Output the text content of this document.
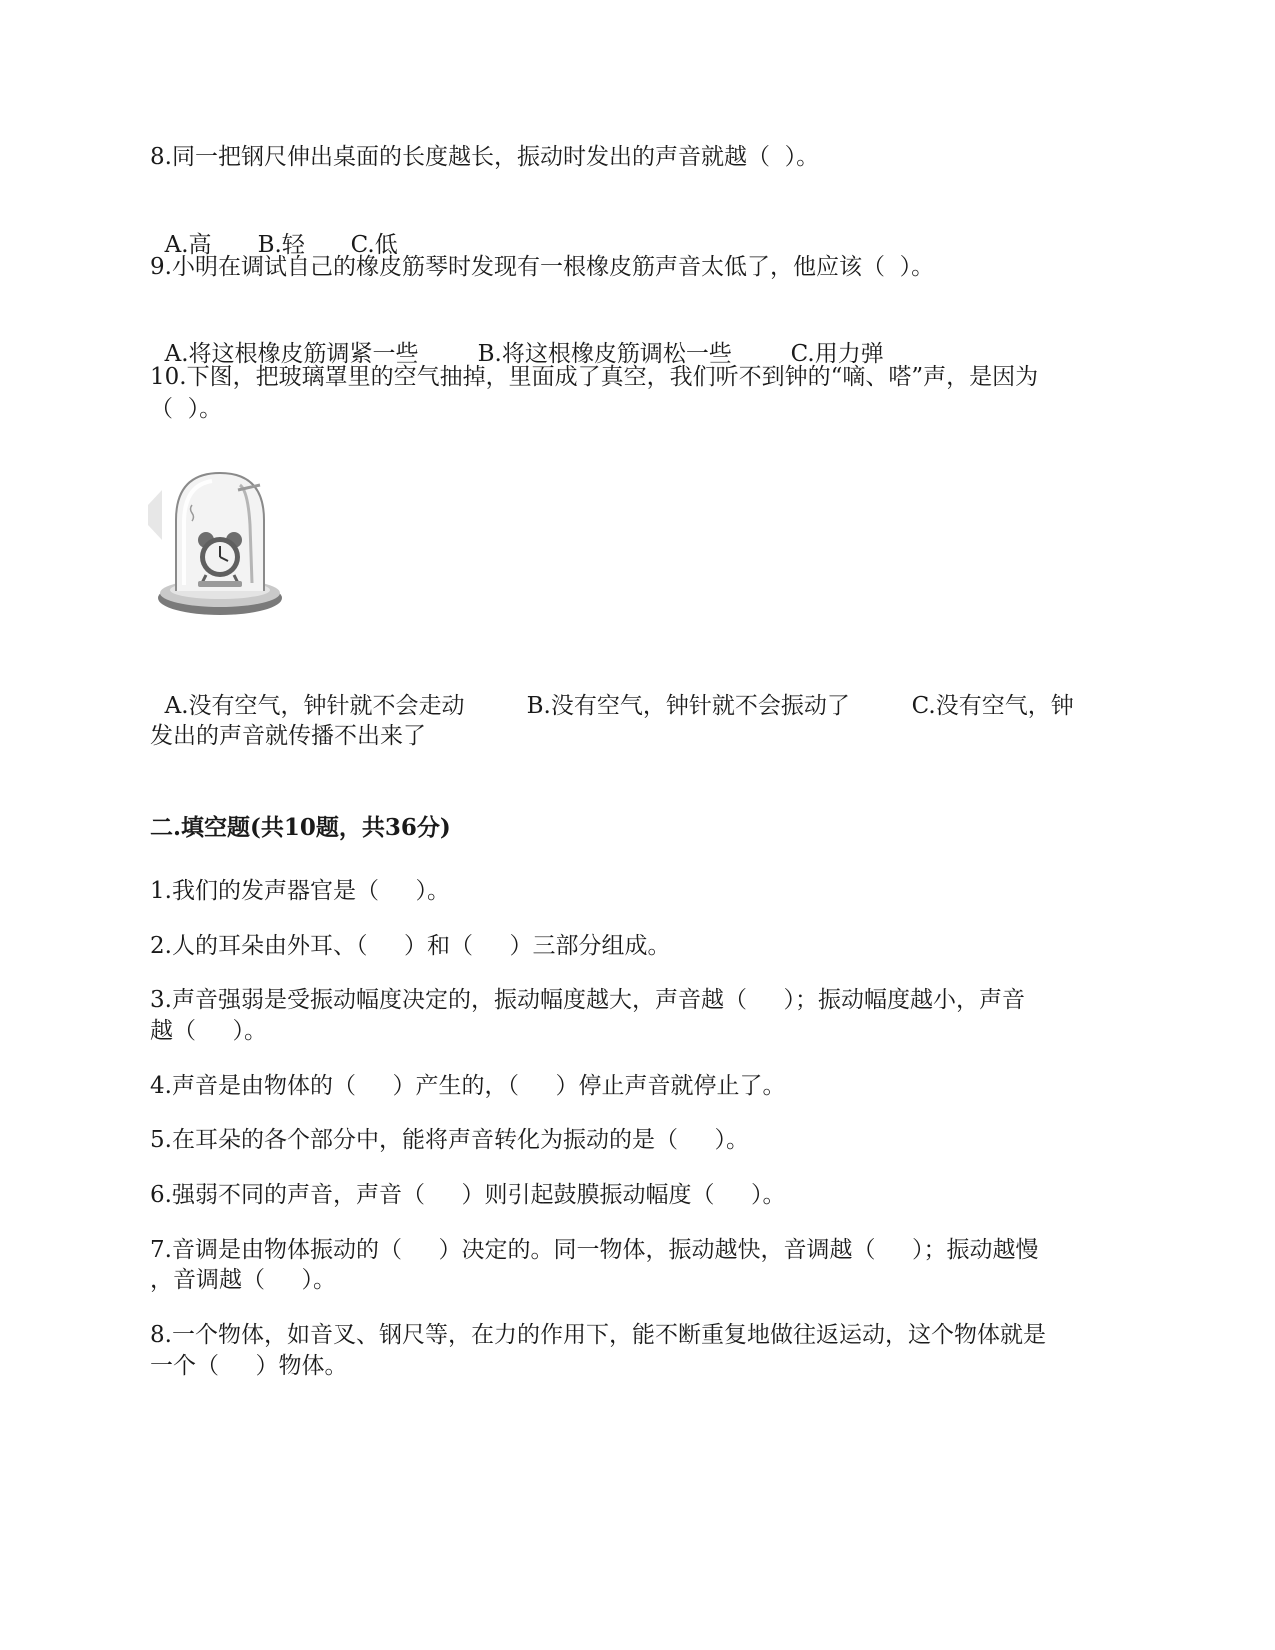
8.同一把钢尺伸出桌面的长度越长，振动时发出的声音就越（  ）。

A.高 B.轻 C.低

9.小明在调试自己的橡皮筋琴时发现有一根橡皮筋声音太低了，他应该（  ）。

A.将这根橡皮筋调紧一些	B.将这根橡皮筋调松一些	C.用力弹

10.下图，把玻璃罩里的空气抽掉，里面成了真空，我们听不到钟的“嘀、嗒”声，是因为

（  ）。

A.没有空气，钟针就不会走动	B.没有空气，钟针就不会振动了	C.没有空气，钟

发出的声音就传播不出来了

二.填空题(共10题，共36分)

1.我们的发声器官是（     ）。

2.人的耳朵由外耳、（     ）和（     ）三部分组成。

3.声音强弱是受振动幅度决定的，振动幅度越大，声音越（     ）；振动幅度越小，声音

越（     ）。

4.声音是由物体的（     ）产生的，（     ）停止声音就停止了。

5.在耳朵的各个部分中，能将声音转化为振动的是（     ）。

6.强弱不同的声音，声音（     ）则引起鼓膜振动幅度（     ）。

7.音调是由物体振动的（     ）决定的。同一物体，振动越快，音调越（     ）；振动越慢

，音调越（     ）。

8.一个物体，如音叉、钢尺等，在力的作用下，能不断重复地做往返运动，这个物体就是

一个（     ）物体。
